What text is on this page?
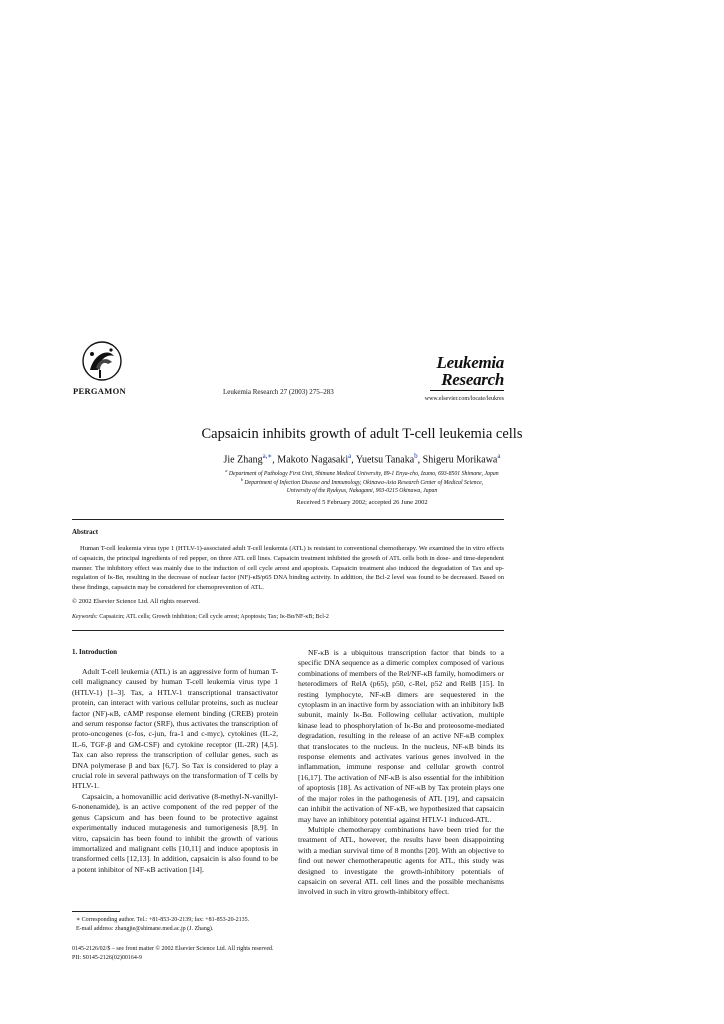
PERGAMON	Leukemia Research 27 (2003) 275–283
Leukemia
Research
www.elsevier.com/locate/leukres
Capsaicin inhibits growth of adult T-cell leukemia cells
Jie Zhang$^{a,∗}$, Makoto Nagasaki$^a$, Yuetsu Tanaka$^b$, Shigeru Morikawa$^a$
$^a$ Department of Pathology First Unit, Shimane Medical University, 89-1 Enya-cho, Izumo, 693-8501 Shimane, Japan
$^b$ Department of Infection Disease and Immunology, Okinawa-Asia Research Center of Medical Science,
University of the Ryukyus, Nakagami, 903-0215 Okinawa, Japan
Received 5 February 2002; accepted 26 June 2002
Abstract
Human T-cell leukemia virus type 1 (HTLV-1)-associated adult T-cell leukemia (ATL) is resistant to conventional chemotherapy. We examined the in vitro effects of capsaicin, the principal ingredients of red pepper, on three ATL cell lines. Capsaicin treatment inhibited the growth of ATL cells both in dose- and time-dependent manner. The inhibitory effect was mainly due to the induction of cell cycle arrest and apoptosis. Capsaicin treatment also induced the degradation of Tax and up-regulation of Iκ-Bα, resulting in the decrease of nuclear factor (NF)-κB/p65 DNA binding activity. In addition, the Bcl-2 level was found to be decreased. Based on these findings, capsaicin may be considered for chemoprevention of ATL.
© 2002 Elsevier Science Ltd. All rights reserved.
Keywords: Capsaicin; ATL cells; Growth inhibition; Cell cycle arrest; Apoptosis; Tax; Iκ-Bα/NF-κB; Bcl-2
1. Introduction

Adult T-cell leukemia (ATL) is an aggressive form of human T-cell malignancy caused by human T-cell leukemia virus type 1 (HTLV-1) [1–3]. Tax, a HTLV-1 transcriptional transactivator protein, can interact with various cellular proteins, such as nuclear factor (NF)-κB, cAMP response element binding (CREB) protein and serum response factor (SRF), thus activates the transcription of proto-oncogenes (c-fos, c-jun, fra-1 and c-myc), cytokines (IL-2, IL-6, TGF-β and GM-CSF) and cytokine receptor (IL-2R) [4,5]. Tax can also repress the transcription of cellular genes, such as DNA polymerase β and bax [6,7]. So Tax is considered to play a crucial role in several pathways on the transformation of T cells by HTLV-1.

Capsaicin, a homovanillic acid derivative (8-methyl-N-vanillyl-6-nonenamide), is an active component of the red pepper of the genus Capsicum and has been found to be protective against experimentally induced mutagenesis and tumorigenesis [8,9]. In vitro, capsaicin has been found to inhibit the growth of various immortalized and malignant cells [10,11] and induce apoptosis in transformed cells [12,13]. In addition, capsaicin is also found to be a potent inhibitor of NF-κB activation [14].

NF-κB is a ubiquitous transcription factor that binds to a specific DNA sequence as a dimeric complex composed of various combinations of members of the Rel/NF-κB family, homodimers or heterodimers of RelA (p65), p50, c-Rel, p52 and RelB [15]. In resting lymphocyte, NF-κB dimers are sequestered in the cytoplasm in an inactive form by association with an inhibitory IκB subunit, mainly Iκ-Bα. Following cellular activation, multiple kinase lead to phosphorylation of Iκ-Bα and proteosome-mediated degradation, resulting in the release of an active NF-κB complex that translocates to the nucleus. In the nucleus, NF-κB binds its response elements and activates various genes involved in the inflammation, immune response and cellular growth control [16,17]. The activation of NF-κB is also essential for the inhibition of apoptosis [18]. As activation of NF-κB by Tax protein plays one of the major roles in the pathogenesis of ATL [19], and capsaicin can inhibit the activation of NF-κB, we hypothesized that capsaicin may have an inhibitory potential against HTLV-1 induced-ATL.

Multiple chemotherapy combinations have been tried for the treatment of ATL, however, the results have been disappointing with a median survival time of 8 months [20]. With an objective to find out newer chemotherapeutic agents for ATL, this study was designed to investigate the growth-inhibitory potentials of capsaicin on several ATL cell lines and the possible mechanisms involved in such in vitro growth-inhibitory effect.

∗ Corresponding author. Tel.: +81-853-20-2139; fax: +81-853-20-2135.
E-mail address: zhangjie@shimane.med.ac.jp (J. Zhang).
0145-2126/02/$ – see front matter © 2002 Elsevier Science Ltd. All rights reserved.
PII: S0145-2126(02)00164-9
